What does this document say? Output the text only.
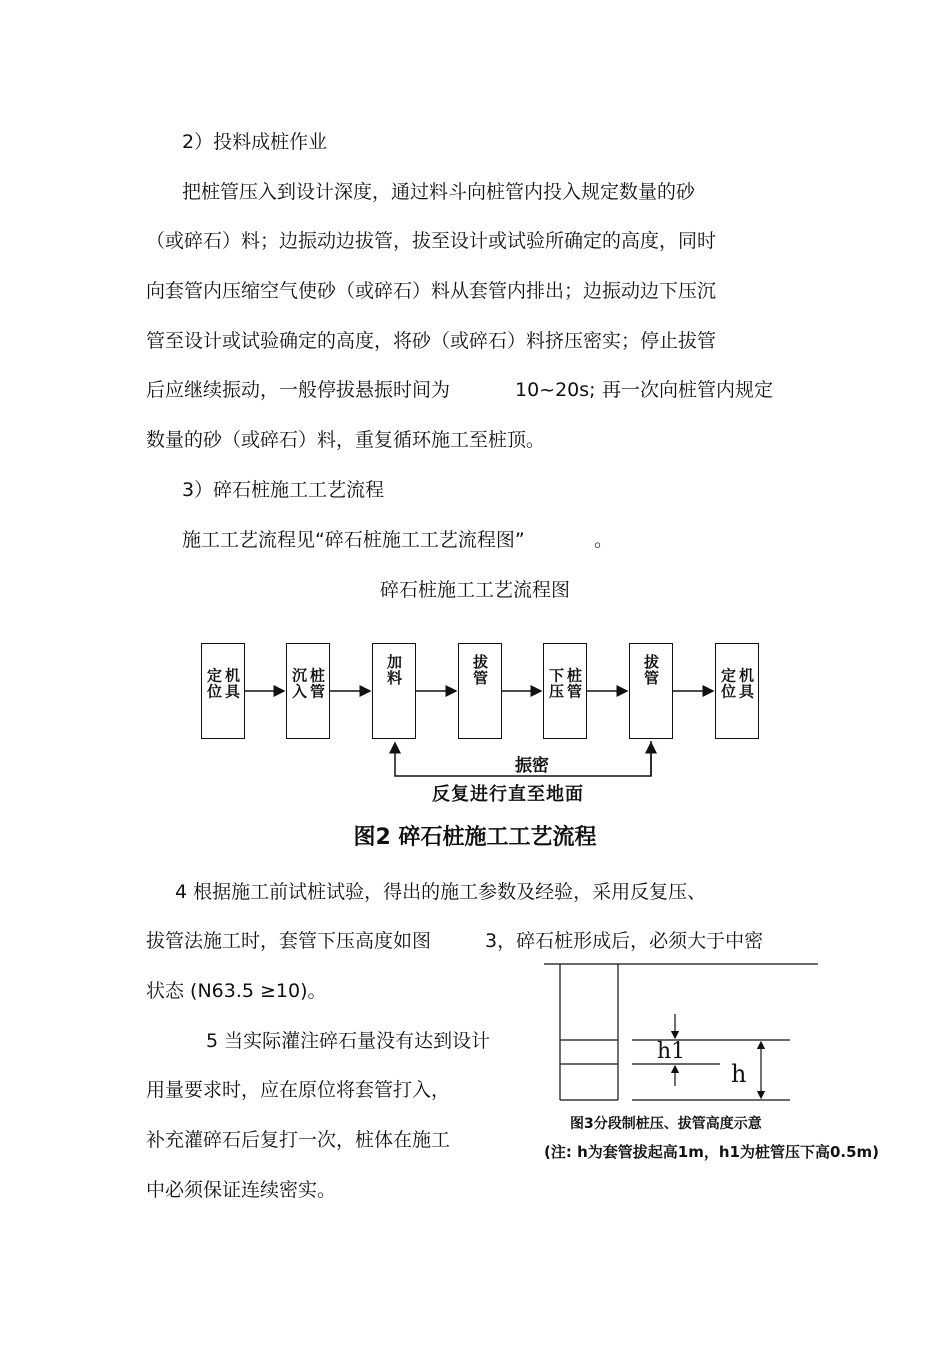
2）投料成桩作业
把桩管压入到设计深度，通过料斗向桩管内投入规定数量的砂
（或碎石）料；边振动边拔管，拔至设计或试验所确定的高度，同时
向套管内压缩空气使砂（或碎石）料从套管内排出；边振动边下压沉
管至设计或试验确定的高度，将砂（或碎石）料挤压密实；停止拔管
后应继续振动，一般停拔悬振时间为	10~20s; 再一次向桩管内规定
数量的砂（或碎石）料，重复循环施工至桩顶。
3）碎石桩施工工艺流程
施工工艺流程见“碎石桩施工工艺流程图”	。
碎石桩施工工艺流程图
机具定位	桩管沉入	加料	拔管	桩管下压	拔管	机具定位
振密
反复进行直至地面
图2 碎石桩施工工艺流程
4 根据施工前试桩试验，得出的施工参数及经验，采用反复压、
拔管法施工时，套管下压高度如图	3，碎石桩形成后，必须大于中密
状态 (N63.5 ≥10)。
5 当实际灌注碎石量没有达到设计
用量要求时，应在原位将套管打入，
补充灌碎石后复打一次，桩体在施工
中必须保证连续密实。
h1
h
图3分段制桩压、拔管高度示意
(注: h为套管拔起高1m，h1为桩管压下高0.5m)
